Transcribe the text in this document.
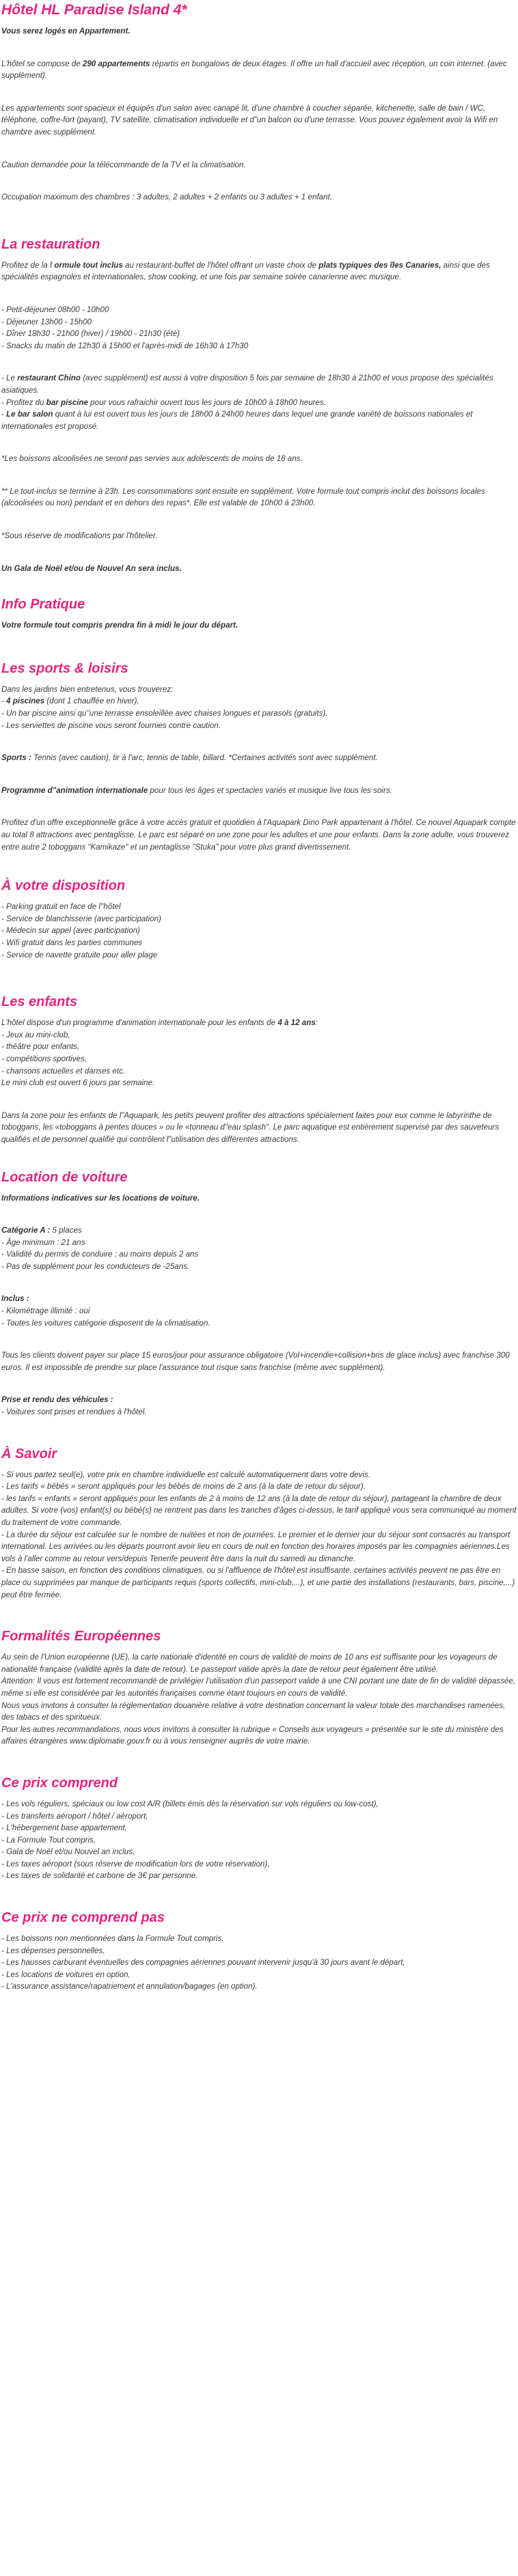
Hôtel HL Paradise Island 4*

Vous serez logés en Appartement.

L'hôtel se compose de 290 appartements répartis en bungalows de deux étages. Il offre un hall d'accueil avec réception, un coin internet. (avec supplément).

Les appartements sont spacieux et équipés d'un salon avec canapé lit, d'une chambre à coucher séparée, kitchenette, salle de bain / WC, téléphone, coffre-fort (payant), TV satellite, climatisation individuelle et d"un balcon ou d'une terrasse. Vous pouvez également avoir la Wifi en chambre avec supplément.

Caution demandée pour la télécommande de la TV et la climatisation.

Occupation maximum des chambres : 3 adultes, 2 adultes + 2 enfants ou 3 adultes + 1 enfant.

La restauration

Profitez de la f ormule tout inclus au restaurant-buffet de l'hôtel offrant un vaste choix de plats typiques des îles Canaries, ainsi que des spécialités espagnoles et internationales, show cooking, et une fois par semaine soirée canarienne avec musique.

- Petit-déjeuner 08h00 - 10h00
- Déjeuner 13h00 - 15h00
- Dîner 18h30 - 21h00 (hiver) / 19h00 - 21h30 (été)
- Snacks du matin de 12h30 à 15h00 et l'après-midi de 16h30 à 17h30
- Le restaurant Chino (avec supplément) est aussi à votre disposition 5 fois par semaine de 18h30 à 21h00 et vous propose des spécialités asiatiques.
- Profitez du bar piscine pour vous rafraichir ouvert tous les jours de 10h00 à 18h00 heures.
- Le bar salon quant à lui est ouvert tous les jours de 18h00 à 24h00 heures dans lequel une grande variété de boissons nationales et internationales est proposé.

*Les boissons alcoolisées ne seront pas servies aux adolescents de moins de 18 ans.

** Le tout-inclus se termine à 23h. Les consommations sont ensuite en supplément. Votre formule tout compris inclut des boissons locales (alcoolisées ou non) pendant et en dehors des repas*. Elle est valable de 10h00 à 23h00.

*Sous réserve de modifications par l'hôtelier.

Un Gala de Noël et/ou de Nouvel An sera inclus.

Info Pratique

Votre formule tout compris prendra fin à midi le jour du départ.

Les sports & loisirs
Dans les jardins bien entretenus, vous trouverez:
- 4 piscines (dont 1 chauffée en hiver),
- Un bar piscine ainsi qu''une terrasse ensoleillée avec chaises longues et parasols (gratuits).
- Les serviettes de piscine vous seront fournies contre caution.

Sports : Tennis (avec caution), tir à l'arc, tennis de table, billard. *Certaines activités sont avec supplément.

Programme d"animation internationale pour tous les âges et spectacles variés et musique live tous les soirs.

Profitez d'un offre exceptionnelle grâce à votre accès gratuit et quotidien à l'Aquapark Dino Park appartenant à l'hôtel. Ce nouvel Aquapark compte au total 8 attractions avec pentaglisse. Le parc est séparé en une zone pour les adultes et une pour enfants. Dans la zone adulte, vous trouverez entre autre 2 toboggans "Kamikaze" et un pentaglisse "Stuka" pour votre plus grand divertissement.

À votre disposition
- Parking gratuit en face de l''hôtel
- Service de blanchisserie (avec participation)
- Médecin sur appel (avec participation)
- Wifi gratuit dans les parties communes
- Service de navette gratuite pour aller plage
Les enfants
L'hôtel dispose d'un programme d'animation internationale pour les enfants de 4 à 12 ans:
- Jeux au mini-club,
- théâtre pour enfants,
- compétitions sportives,
- chansons actuelles et danses etc.
Le mini club est ouvert 6 jours par semaine.

Dans la zone pour les enfants de l"Aquapark, les petits peuvent profiter des attractions spécialement faites pour eux comme le labyrinthe de toboggans, les «toboggans à pentes douces » ou le «tonneau d"eau splash". Le parc aquatique est entièrement supervisé par des sauveteurs qualifiés et de personnel qualifié qui contrôlent l"utilisation des différentes attractions.

Location de voiture

Informations indicatives sur les locations de voiture.

Catégorie A : 5 places
- Âge minimum : 21 ans
- Validité du permis de conduire : au moins depuis 2 ans
- Pas de supplément pour les conducteurs de -25ans.
Inclus :
- Kilométrage illimité : oui
- Toutes les voitures catégorie disposent de la climatisation.

Tous les clients doivent payer sur place 15 euros/jour pour assurance obligatoire (Vol+incendie+collision+bris de glace inclus) avec franchise 300 euros. Il est impossible de prendre sur place l'assurance tout risque sans franchise (même avec supplément).

Prise et rendu des véhicules :
- Voitures sont prises et rendues à l'hôtel.
À Savoir
- Si vous partez seul(e), votre prix en chambre individuelle est calculé automatiquement dans votre devis.
- Les tarifs « bébés » seront appliqués pour les bébés de moins de 2 ans (à la date de retour du séjour).
- les tarifs « enfants » seront appliqués pour les enfants de 2 à moins de 12 ans (à la date de retour du séjour), partageant la chambre de deux adultes. Si votre (vos) enfant(s) ou bébé(s) ne rentrent pas dans les tranches d'âges ci-dessus, le tarif appliqué vous sera communiqué au moment du traitement de votre commande.
- La durée du séjour est calculée sur le nombre de nuitées et non de journées. Le premier et le dernier jour du séjour sont consacrés au transport international. Les arrivées ou les départs pourront avoir lieu en cours de nuit en fonction des horaires imposés par les compagnies aériennes.Les vols à l'aller comme au retour vers/depuis Tenerife peuvent être dans la nuit du samedi au dimanche.
- En basse saison, en fonction des conditions climatiques, ou si l'affluence de l'hôtel est insuffisante, certaines activités peuvent ne pas être en place ou supprimées par manque de participants requis (sports collectifs, mini-club,...), et une partie des installations (restaurants, bars, piscine,...) peut être fermée.
Formalités Européennes
Au sein de l'Union européenne (UE), la carte nationale d'identité en cours de validité de moins de 10 ans est suffisante pour les voyageurs de nationalité française (validité après la date de retour). Le passeport valide après la date de retour peut également être utilisé.
Attention: Il vous est fortement recommandé de privilégier l'utilisation d'un passeport valide à une CNI portant une date de fin de validité dépassée, même si elle est considérée par les autorités françaises comme étant toujours en cours de validité.
Nous vous invitons à consulter la réglementation douanière relative à votre destination concernant la valeur totale des marchandises ramenées, des tabacs et des spiritueux.
Pour les autres recommandations, nous vous invitons à consulter la rubrique « Conseils aux voyageurs » présentée sur le site du ministère des affaires étrangères www.diplomatie.gouv.fr ou à vous renseigner auprès de votre mairie.
Ce prix comprend
- Les vols réguliers, spéciaux ou low cost A/R (billets émis dès la réservation sur vols réguliers ou low-cost),
- Les transferts aéroport / hôtel / aéroport,
- L'hébergement base appartement,
- La Formule Tout compris,
- Gala de Noël et/ou Nouvel an inclus,
- Les taxes aéroport (sous réserve de modification lors de votre réservation),
- Les taxes de solidarité et carbone de 3€ par personne.
Ce prix ne comprend pas
- Les boissons non mentionnées dans la Formule Tout compris,
- Les dépenses personnelles,
- Les hausses carburant éventuelles des compagnies aériennes pouvant intervenir jusqu'à 30 jours avant le départ,
- Les locations de voitures en option,
- L'assurance assistance/rapatriement et annulation/bagages (en option).
